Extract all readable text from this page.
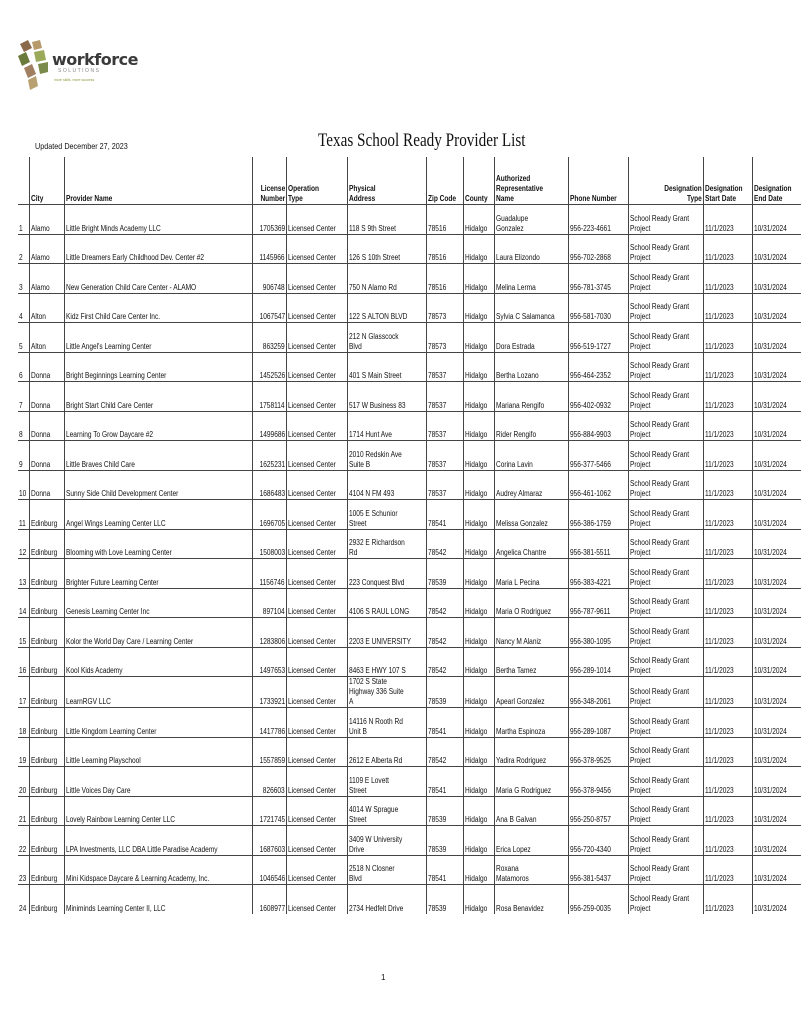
workforce
SOLUTIONS
more skills. more success.
Updated December 27, 2023	Texas School Ready Provider List
	City	Provider Name	License
Number	Operation
Type	Physical
Address	Zip Code	County	Authorized
Representative
Name	Phone Number	Designation
Type	Designation
Start Date	Designation
End Date

1	Alamo	Little Bright Minds Academy LLC	1705369	Licensed Center	118 S 9th Street	78516	Hidalgo	Guadalupe
Gonzalez	956-223-4661	School Ready Grant
Project	11/1/2023	10/31/2024

2	Alamo	Little Dreamers Early Childhood Dev. Center #2	1145966	Licensed Center	126 S 10th Street	78516	Hidalgo	Laura Elizondo	956-702-2868	School Ready Grant
Project	11/1/2023	10/31/2024

3	Alamo	New Generation Child Care Center - ALAMO	906748	Licensed Center	750 N Alamo Rd	78516	Hidalgo	Melina Lerma	956-781-3745	School Ready Grant
Project	11/1/2023	10/31/2024

4	Alton	Kidz First Child Care Center Inc.	1067547	Licensed Center	122 S ALTON BLVD	78573	Hidalgo	Sylvia C Salamanca	956-581-7030	School Ready Grant
Project	11/1/2023	10/31/2024

5	Alton	Little Angel's Learning Center	863259	Licensed Center	212 N Glasscock
Blvd	78573	Hidalgo	Dora Estrada	956-519-1727	School Ready Grant
Project	11/1/2023	10/31/2024

6	Donna	Bright Beginnings Learning Center	1452526	Licensed Center	401 S Main Street	78537	Hidalgo	Bertha Lozano	956-464-2352	School Ready Grant
Project	11/1/2023	10/31/2024

7	Donna	Bright Start Child Care Center	1758114	Licensed Center	517 W Business 83	78537	Hidalgo	Mariana Rengifo	956-402-0932	School Ready Grant
Project	11/1/2023	10/31/2024

8	Donna	Learning To Grow Daycare #2	1499686	Licensed Center	1714 Hunt Ave	78537	Hidalgo	Rider Rengifo	956-884-9903	School Ready Grant
Project	11/1/2023	10/31/2024

9	Donna	Little Braves Child Care	1625231	Licensed Center	2010 Redskin Ave
Suite B	78537	Hidalgo	Corina Lavin	956-377-5466	School Ready Grant
Project	11/1/2023	10/31/2024

10	Donna	Sunny Side Child Development Center	1686483	Licensed Center	4104 N FM 493	78537	Hidalgo	Audrey Almaraz	956-461-1062	School Ready Grant
Project	11/1/2023	10/31/2024

11	Edinburg	Angel Wings Learning Center LLC	1696705	Licensed Center	1005 E Schunior
Street	78541	Hidalgo	Melissa Gonzalez	956-386-1759	School Ready Grant
Project	11/1/2023	10/31/2024

12	Edinburg	Blooming with Love Learning Center	1508003	Licensed Center	2932 E Richardson
Rd	78542	Hidalgo	Angelica Chantre	956-381-5511	School Ready Grant
Project	11/1/2023	10/31/2024

13	Edinburg	Brighter Future Learning Center	1156746	Licensed Center	223 Conquest Blvd	78539	Hidalgo	Maria L Pecina	956-383-4221	School Ready Grant
Project	11/1/2023	10/31/2024

14	Edinburg	Genesis Learning Center Inc	897104	Licensed Center	4106 S RAUL LONG	78542	Hidalgo	Maria O Rodriguez	956-787-9611	School Ready Grant
Project	11/1/2023	10/31/2024

15	Edinburg	Kolor the World Day Care / Learning Center	1283806	Licensed Center	2203 E UNIVERSITY	78542	Hidalgo	Nancy M Alaniz	956-380-1095	School Ready Grant
Project	11/1/2023	10/31/2024

16	Edinburg	Kool Kids Academy	1497653	Licensed Center	8463 E HWY 107 S	78542	Hidalgo	Bertha Tamez	956-289-1014	School Ready Grant
Project	11/1/2023	10/31/2024

17	Edinburg	LearnRGV LLC	1733921	Licensed Center	1702 S State
Highway 336 Suite
A	78539	Hidalgo	Apearl Gonzalez	956-348-2061	School Ready Grant
Project	11/1/2023	10/31/2024

18	Edinburg	Little Kingdom Learning Center	1417786	Licensed Center	14116 N Rooth Rd
Unit B	78541	Hidalgo	Martha Espinoza	956-289-1087	School Ready Grant
Project	11/1/2023	10/31/2024

19	Edinburg	Little Learning Playschool	1557859	Licensed Center	2612 E Alberta Rd	78542	Hidalgo	Yadira Rodriguez	956-378-9525	School Ready Grant
Project	11/1/2023	10/31/2024

20	Edinburg	Little Voices Day Care	826603	Licensed Center	1109 E Lovett
Street	78541	Hidalgo	Maria G Rodriguez	956-378-9456	School Ready Grant
Project	11/1/2023	10/31/2024

21	Edinburg	Lovely Rainbow Learning Center LLC	1721745	Licensed Center	4014 W Sprague
Street	78539	Hidalgo	Ana B Galvan	956-250-8757	School Ready Grant
Project	11/1/2023	10/31/2024

22	Edinburg	LPA Investments, LLC DBA Little Paradise Academy	1687603	Licensed Center	3409 W University
Drive	78539	Hidalgo	Erica Lopez	956-720-4340	School Ready Grant
Project	11/1/2023	10/31/2024

23	Edinburg	Mini Kidspace Daycare & Learning Academy, Inc.	1046546	Licensed Center	2518 N Closner
Blvd	78541	Hidalgo	Roxana
Matamoros	956-381-5437	School Ready Grant
Project	11/1/2023	10/31/2024

24	Edinburg	Miniminds Learning Center II, LLC	1608977	Licensed Center	2734 Hedfelt Drive	78539	Hidalgo	Rosa Benavidez	956-259-0035	School Ready Grant
Project	11/1/2023	10/31/2024
1
